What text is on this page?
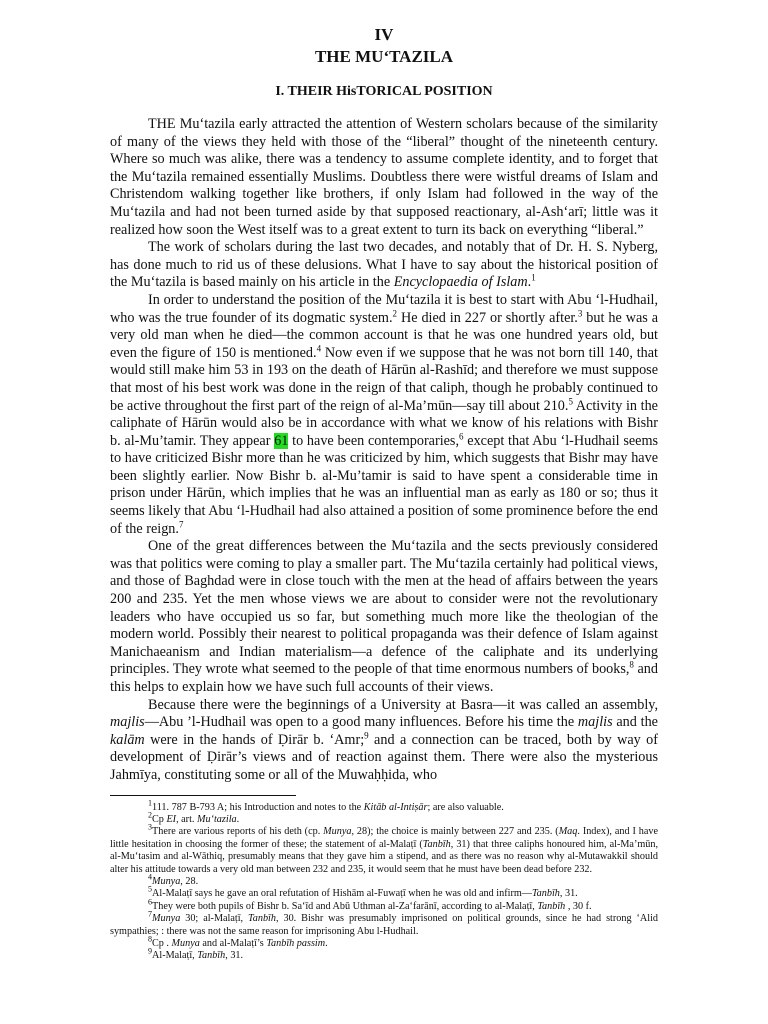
IV
THE MU‘TAZILA
I. THEIR HisTORICAL POSITION

THE Mu‘tazila early attracted the attention of Western scholars because of the similarity of many of the views they held with those of the “liberal” thought of the nineteenth century. Where so much was alike, there was a tendency to assume complete identity, and to forget that the Mu‘tazila remained essentially Muslims. Doubtless there were wistful dreams of Islam and Christendom walking together like brothers, if only Islam had followed in the way of the Mu‘tazila and had not been turned aside by that supposed reactionary, al-Ash‘arī; little was it realized how soon the West itself was to a great extent to turn its back on everything “liberal.”

The work of scholars during the last two decades, and notably that of Dr. H. S. Nyberg, has done much to rid us of these delusions. What I have to say about the historical position of the Mu‘tazila is based mainly on his article in the Encyclopaedia of Islam.$^1$

In order to understand the position of the Mu‘tazila it is best to start with Abu ‘l-Hudhail, who was the true founder of its dogmatic system.$^2$ He died in 227 or shortly after.$^3$ but he was a very old man when he died—the common account is that he was one hundred years old, but even the figure of 150 is mentioned.$^4$ Now even if we suppose that he was not born till 140, that would still make him 53 in 193 on the death of Hārūn al-Rashīd; and therefore we must suppose that most of his best work was done in the reign of that caliph, though he probably continued to be active throughout the first part of the reign of al-Ma’mūn—say till about 210.$^5$ Activity in the caliphate of Hārūn would also be in accordance with what we know of his relations with Bishr b. al-Mu’tamir. They appear 61 to have been contemporaries,$^6$ except that Abu ‘l-Hudhail seems to have criticized Bishr more than he was criticized by him, which suggests that Bishr may have been slightly earlier. Now Bishr b. al-Mu’tamir is said to have spent a considerable time in prison under Hārūn, which implies that he was an influential man as early as 180 or so; thus it seems likely that Abu ‘l-Hudhail had also attained a position of some prominence before the end of the reign.$^7$

One of the great differences between the Mu‘tazila and the sects previously considered was that politics were coming to play a smaller part. The Mu‘tazila certainly had political views, and those of Baghdad were in close touch with the men at the head of affairs between the years 200 and 235. Yet the men whose views we are about to consider were not the revolutionary leaders who have occupied us so far, but something much more like the theologian of the modern world. Possibly their nearest to political propaganda was their defence of Islam against Manichaeanism and Indian materialism—a defence of the caliphate and its underlying principles. They wrote what seemed to the people of that time enormous numbers of books,$^8$ and this helps to explain how we have such full accounts of their views.

Because there were the beginnings of a University at Basra—it was called an assembly, majlis—Abu ’l-Hudhail was open to a good many influences. Before his time the majlis and the kalām were in the hands of Ḍirār b. ‘Amr;$^9$ and a connection can be traced, both by way of development of Ḍirār’s views and of reaction against them. There were also the mysterious Jahmīya, constituting some or all of the Muwaḥḥida, who

$^1$111. 787 B-793 A; his Introduction and notes to the Kitāb al-Intiṣār; are also valuable.

$^2$Cp EI, art. Mu‘tazila.

$^3$There are various reports of his deth (cp. Munya, 28); the choice is mainly between 227 and 235. (Maq. Index), and I have little hesitation in choosing the former of these; the statement of al-Malaṭī (Tanbīh, 31) that three caliphs honoured him, al-Ma’mūn, al-Mu‘tasim and al-Wāthiq, presumably means that they gave him a stipend, and as there was no reason why al-Mutawakkil should alter his attitude towards a very old man between 232 and 235, it would seem that he must have been dead before 232.

$^4$Munya, 28.

$^5$Al-Malaṭī says he gave an oral refutation of Hishām al-Fuwaṭī when he was old and infirm—Tanbīh, 31.

$^6$They were both pupils of Bishr b. Sa‘īd and Abū Uthman al-Za‘farānī, according to al-Malaṭī, Tanbīh , 30 f.

$^7$Munya 30; al-Malaṭī, Tanbīh, 30. Bishr was presumably imprisoned on political grounds, since he had strong ‘Alid sympathies; : there was not the same reason for imprisoning Abu l-Hudhail.

$^8$Cp . Munya and al-Malaṭī’s Tanbīh passim.

$^9$Al-Malaṭī, Tanbīh, 31.
